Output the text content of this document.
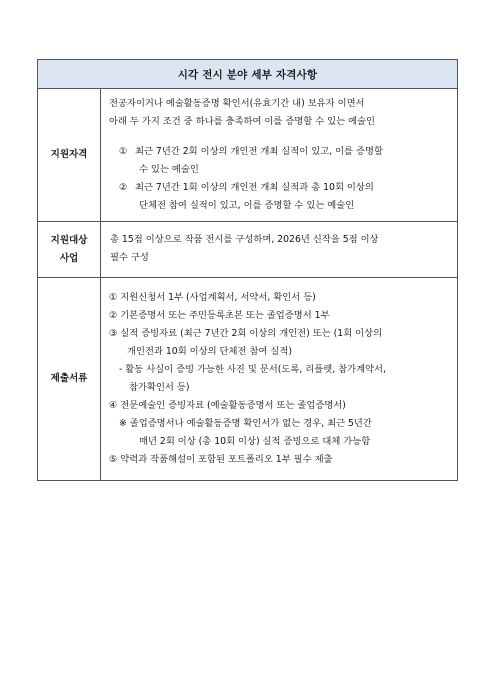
시각 전시 분야 세부 자격사항
지원자격
전공자이거나 예술활동증명 확인서(유효기간 내) 보유자 이면서
아래 두 가지 조건 중 하나를 충족하여 이를 증명할 수 있는 예술인
① 최근 7년간 2회 이상의 개인전 개최 실적이 있고, 이를 증명할
수 있는 예술인
② 최근 7년간 1회 이상의 개인전 개최 실적과 총 10회 이상의
단체전 참여 실적이 있고, 이를 증명할 수 있는 예술인
지원대상
사업
총 15점 이상으로 작품 전시를 구성하며, 2026년 신작을 5점 이상
필수 구성
제출서류
① 지원신청서 1부 (사업계획서, 서약서, 확인서 등)
② 기본증명서 또는 주민등록초본 또는 졸업증명서 1부
③ 실적 증빙자료 (최근 7년간 2회 이상의 개인전) 또는 (1회 이상의
개인전과 10회 이상의 단체전 참여 실적)
- 활동 사실이 증빙 가능한 사진 및 문서(도록, 리플렛, 참가계약서,
참가확인서 등)
④ 전문예술인 증빙자료 (예술활동증명서 또는 졸업증명서)
※ 졸업증명서나 예술활동증명 확인서가 없는 경우, 최근 5년간
매년 2회 이상 (총 10회 이상) 실적 증빙으로 대체 가능함
⑤ 약력과 작품해설이 포함된 포트폴리오 1부 필수 제출
